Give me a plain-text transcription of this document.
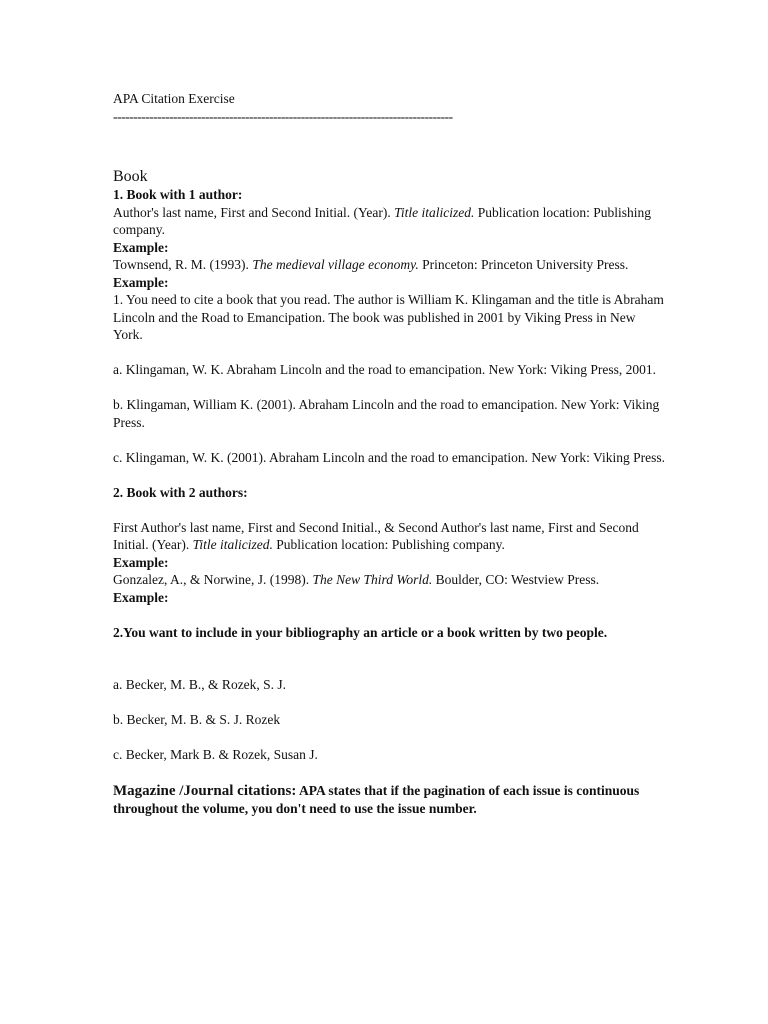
APA Citation Exercise
-------------------------------------------------------------------------------------
Book

1. Book with 1 author:

Author's last name, First and Second Initial. (Year). Title italicized. Publication location: Publishing company.

Example:

Townsend, R. M. (1993). The medieval village economy. Princeton: Princeton University Press.

Example:

1. You need to cite a book that you read. The author is William K. Klingaman and the title is Abraham Lincoln and the Road to Emancipation. The book was published in 2001 by Viking Press in New York.

a. Klingaman, W. K. Abraham Lincoln and the road to emancipation. New York: Viking Press, 2001.

b. Klingaman, William K. (2001). Abraham Lincoln and the road to emancipation. New York: Viking Press.

c. Klingaman, W. K. (2001). Abraham Lincoln and the road to emancipation. New York: Viking Press.

2. Book with 2 authors:

First Author's last name, First and Second Initial., & Second Author's last name, First and Second Initial. (Year). Title italicized. Publication location: Publishing company.

Example:

Gonzalez, A., & Norwine, J. (1998). The New Third World. Boulder, CO: Westview Press.

Example:

2.You want to include in your bibliography an article or a book written by two people.

a. Becker, M. B., & Rozek, S. J.

b. Becker, M. B. & S. J. Rozek

c. Becker, Mark B. & Rozek, Susan J.

Magazine /Journal citations: APA states that if the pagination of each issue is continuous throughout the volume, you don't need to use the issue number.
